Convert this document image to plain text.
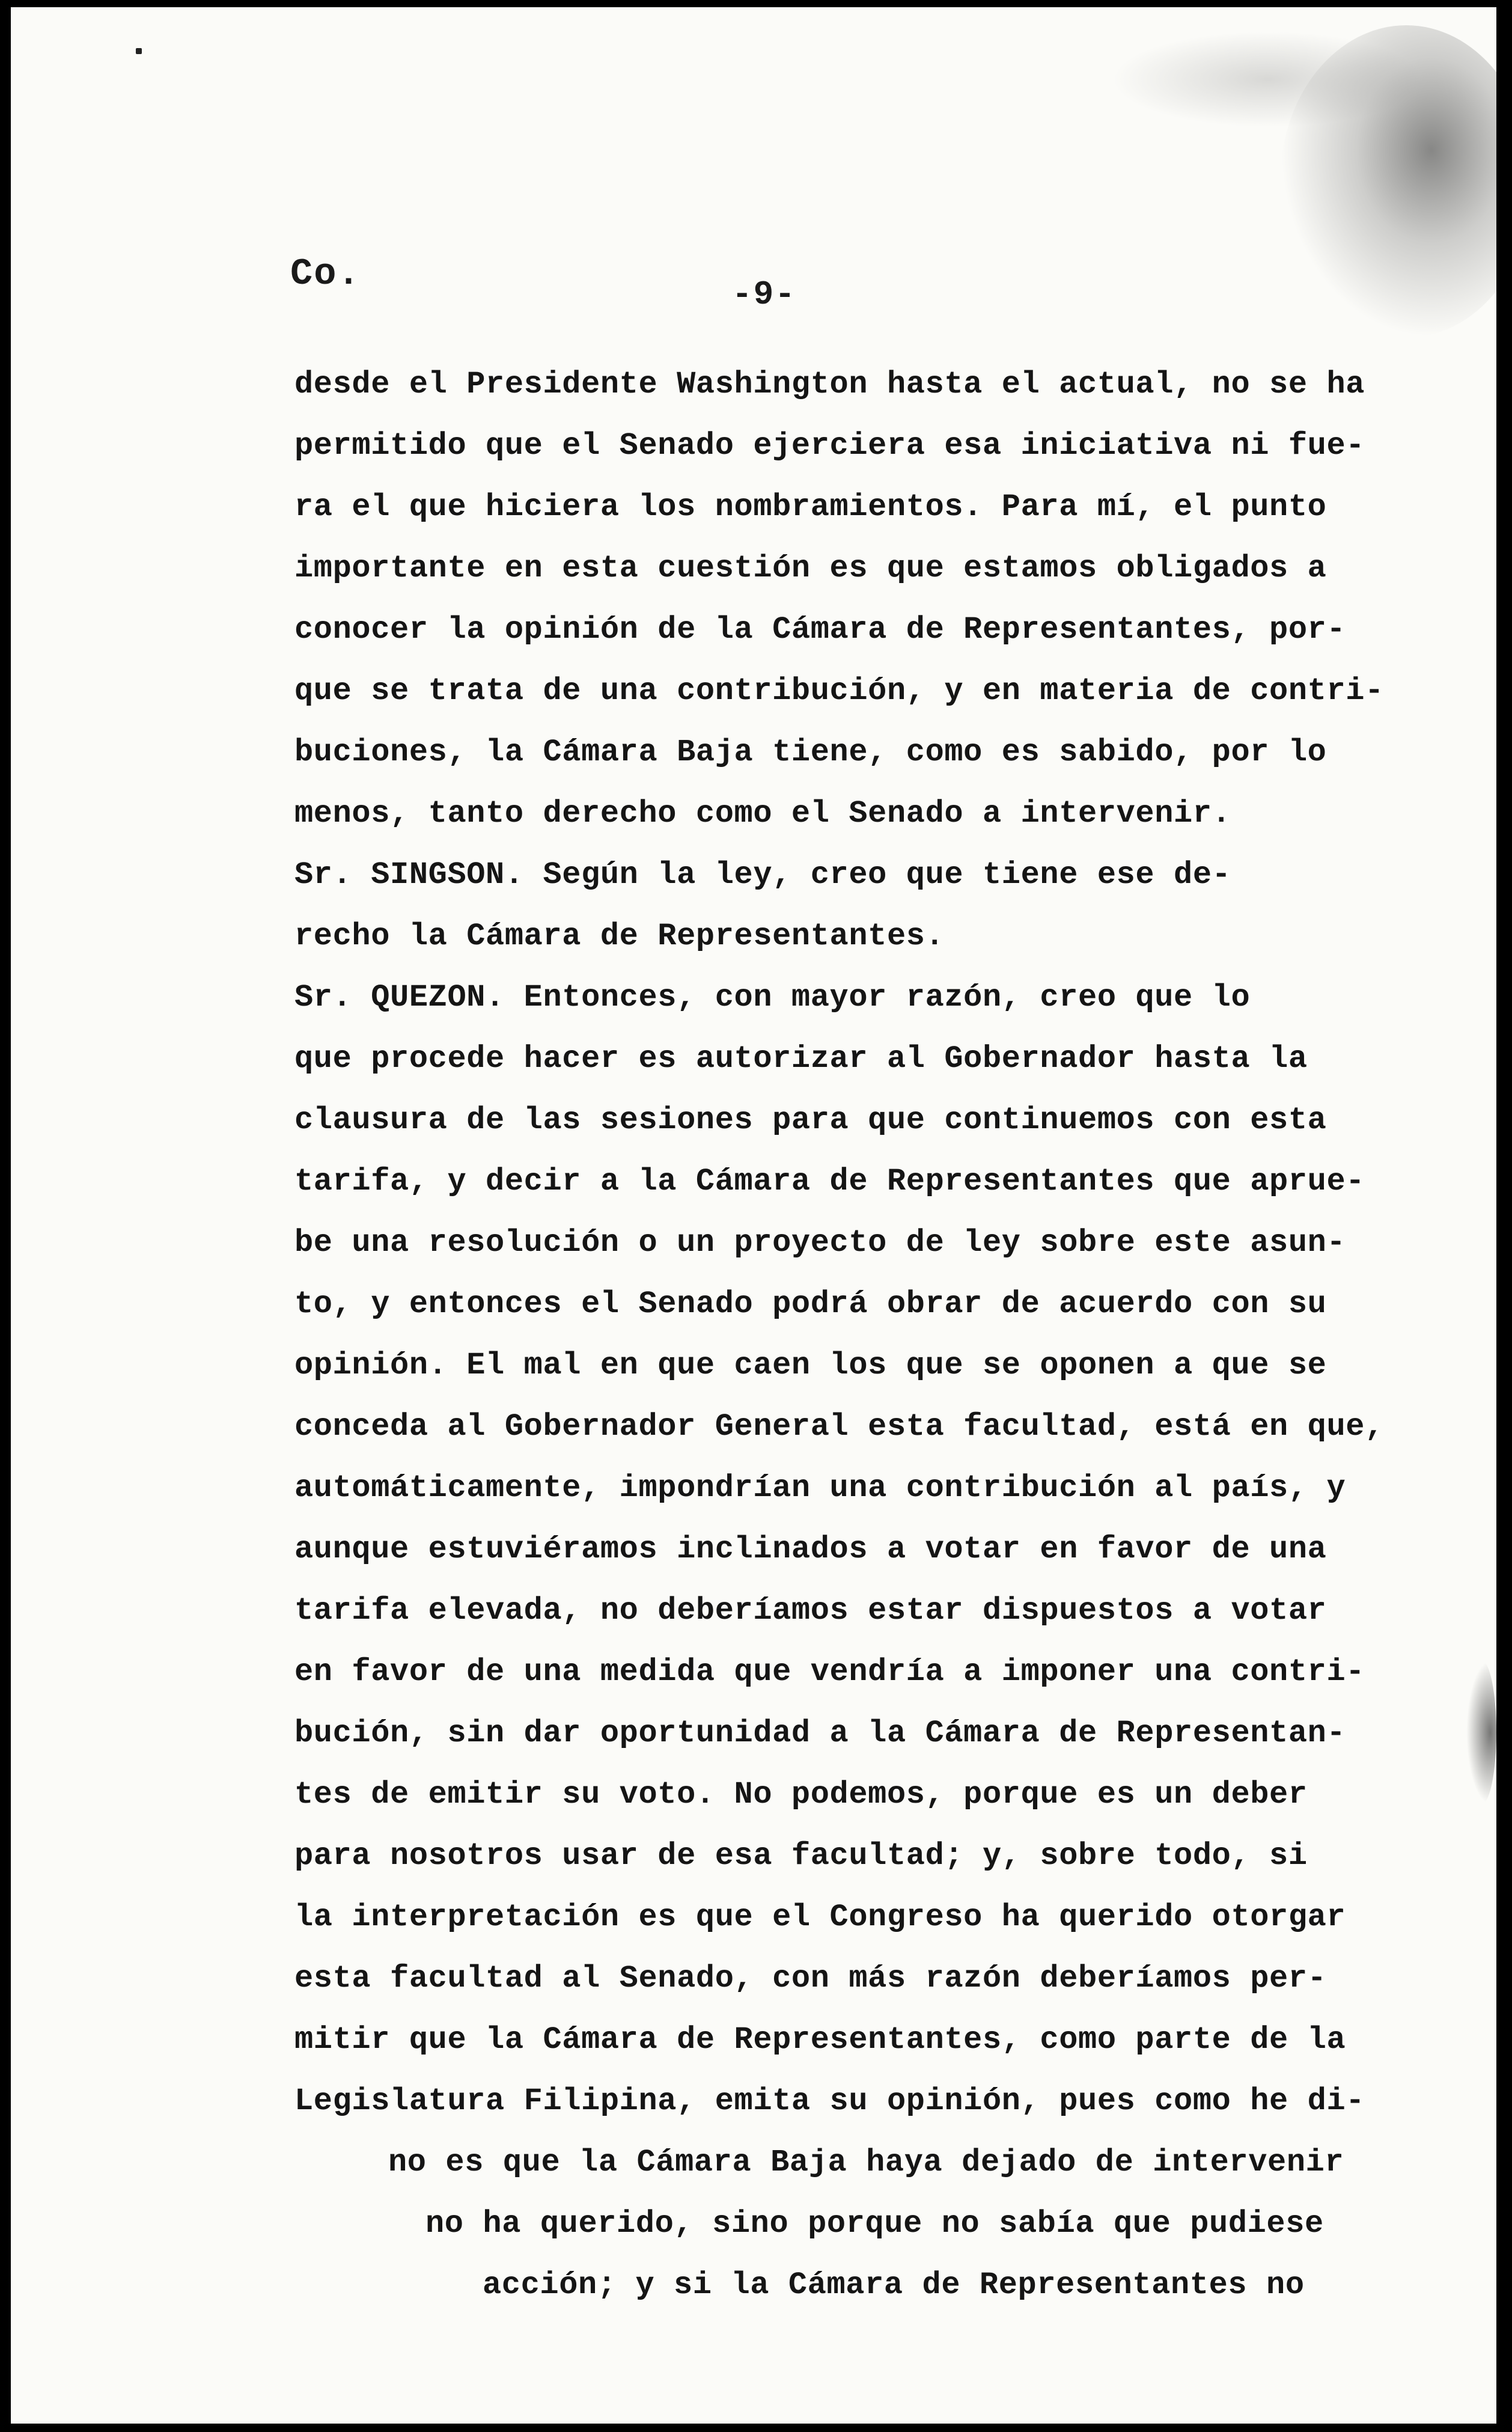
Co.	-9-
desde el Presidente Washington hasta el actual, no se ha
permitido que el Senado ejerciera esa iniciativa ni fue-
ra el que hiciera los nombramientos. Para mí, el punto
importante en esta cuestión es que estamos obligados a
conocer la opinión de la Cámara de Representantes, por-
que se trata de una contribución, y en materia de contri-
buciones, la Cámara Baja tiene, como es sabido, por lo
menos, tanto derecho como el Senado a intervenir.
Sr. SINGSON. Según la ley, creo que tiene ese de-
recho la Cámara de Representantes.
Sr. QUEZON. Entonces, con mayor razón, creo que lo
que procede hacer es autorizar al Gobernador hasta la
clausura de las sesiones para que continuemos con esta
tarifa, y decir a la Cámara de Representantes que aprue-
be una resolución o un proyecto de ley sobre este asun-
to, y entonces el Senado podrá obrar de acuerdo con su
opinión. El mal en que caen los que se oponen a que se
conceda al Gobernador General esta facultad, está en que,
automáticamente, impondrían una contribución al país, y
aunque estuviéramos inclinados a votar en favor de una
tarifa elevada, no deberíamos estar dispuestos a votar
en favor de una medida que vendría a imponer una contri-
bución, sin dar oportunidad a la Cámara de Representan-
tes de emitir su voto. No podemos, porque es un deber
para nosotros usar de esa facultad; y, sobre todo, si
la interpretación es que el Congreso ha querido otorgar
esta facultad al Senado, con más razón deberíamos per-
mitir que la Cámara de Representantes, como parte de la
Legislatura Filipina, emita su opinión, pues como he di-
no es que la Cámara Baja haya dejado de intervenir
no ha querido, sino porque no sabía que pudiese
acción; y si la Cámara de Representantes no
